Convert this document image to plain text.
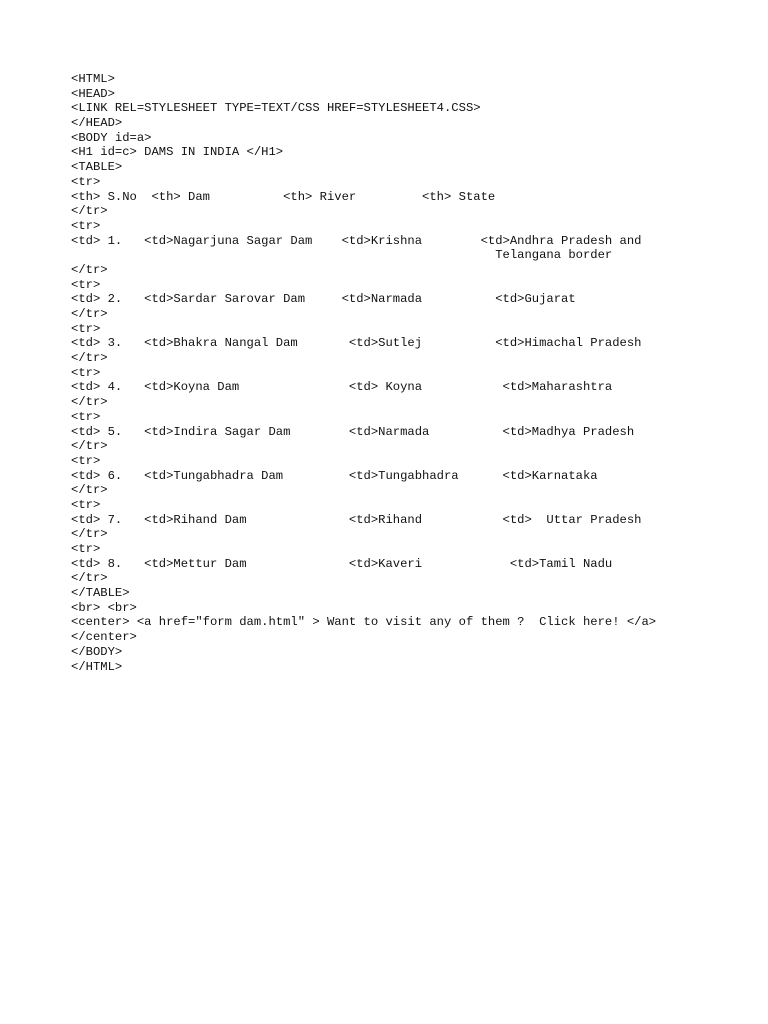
<HTML>
<HEAD>
<LINK REL=STYLESHEET TYPE=TEXT/CSS HREF=STYLESHEET4.CSS>
</HEAD>
<BODY id=a>
<H1 id=c> DAMS IN INDIA </H1>
<TABLE>
<tr>
<th> S.No  <th> Dam          <th> River         <th> State
</tr>
<tr>
<td> 1.   <td>Nagarjuna Sagar Dam    <td>Krishna        <td>Andhra Pradesh and
Telangana border
</tr>
<tr>
<td> 2.   <td>Sardar Sarovar Dam     <td>Narmada          <td>Gujarat
</tr>
<tr>
<td> 3.   <td>Bhakra Nangal Dam       <td>Sutlej          <td>Himachal Pradesh
</tr>
<tr>
<td> 4.   <td>Koyna Dam               <td> Koyna           <td>Maharashtra
</tr>
<tr>
<td> 5.   <td>Indira Sagar Dam        <td>Narmada          <td>Madhya Pradesh
</tr>
<tr>
<td> 6.   <td>Tungabhadra Dam         <td>Tungabhadra      <td>Karnataka
</tr>
<tr>
<td> 7.   <td>Rihand Dam              <td>Rihand           <td>  Uttar Pradesh
</tr>
<tr>
<td> 8.   <td>Mettur Dam              <td>Kaveri            <td>Tamil Nadu
</tr>
</TABLE>
<br> <br>
<center> <a href="form dam.html" > Want to visit any of them ?  Click here! </a>
</center>
</BODY>
</HTML>
